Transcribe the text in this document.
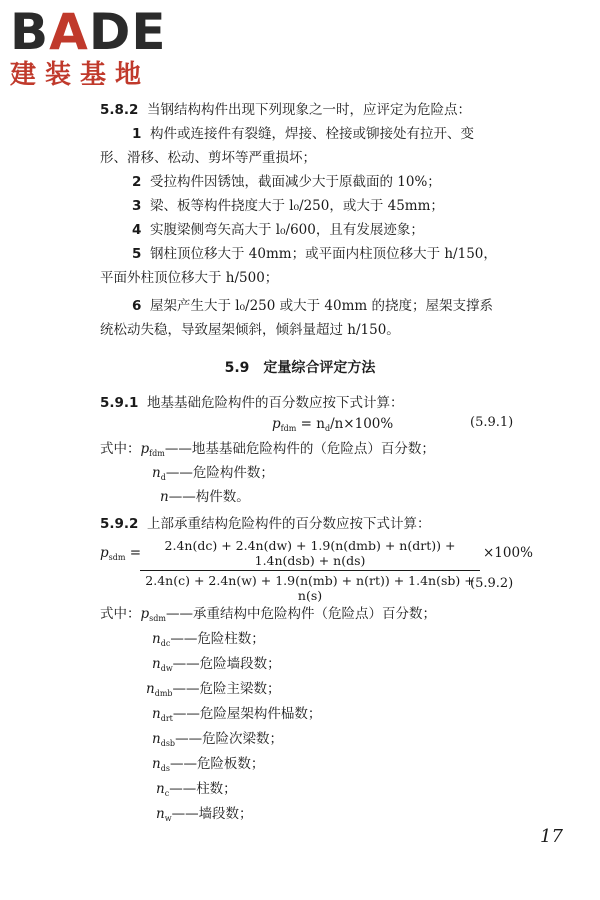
BADE
建装基地
5.8.2 当钢结构构件出现下列现象之一时，应评定为危险点：
1 构件或连接件有裂缝，焊接、栓接或铆接处有拉开、变
形、滑移、松动、剪坏等严重损坏；
2 受拉构件因锈蚀，截面减少大于原截面的 10%；
3 梁、板等构件挠度大于 l₀/250，或大于 45mm；
4 实腹梁侧弯矢高大于 l₀/600，且有发展迹象；
5 钢柱顶位移大于 40mm；或平面内柱顶位移大于 h/150，
平面外柱顶位移大于 h/500；
6 屋架产生大于 l₀/250 或大于 40mm 的挠度；屋架支撑系
统松动失稳，导致屋架倾斜，倾斜量超过 h/150。
5.9　定量综合评定方法
5.9.1 地基基础危险构件的百分数应按下式计算：
$p_{fdm} = n_d/n\times 100\%$	(5.9.1)
式中：$p_{fdm}——$地基基础危险构件的（危险点）百分数；
$n_d——$危险构件数；
n——构件数。
5.9.2 上部承重结构危险构件的百分数应按下式计算：
$p_{sdm}$ =	2.4n(dc) + 2.4n(dw) + 1.9(n(dmb) + n(drt)) + 1.4n(dsb) + n(ds)
2.4n(c) + 2.4n(w) + 1.9(n(mb) + n(rt)) + 1.4n(sb) + n(s)
×100%
(5.9.2)
式中：$p_{sdm}——$承重结构中危险构件（危险点）百分数；
$n_{dc}——$危险柱数；
$n_{dw}——$危险墙段数；
$n_{dmb}——$危险主梁数；
$n_{drt}——$危险屋架构件榀数；
$n_{dsb}——$危险次梁数；
$n_{ds}——$危险板数；
$n_c——$柱数；
$n_w——$墙段数；
17
